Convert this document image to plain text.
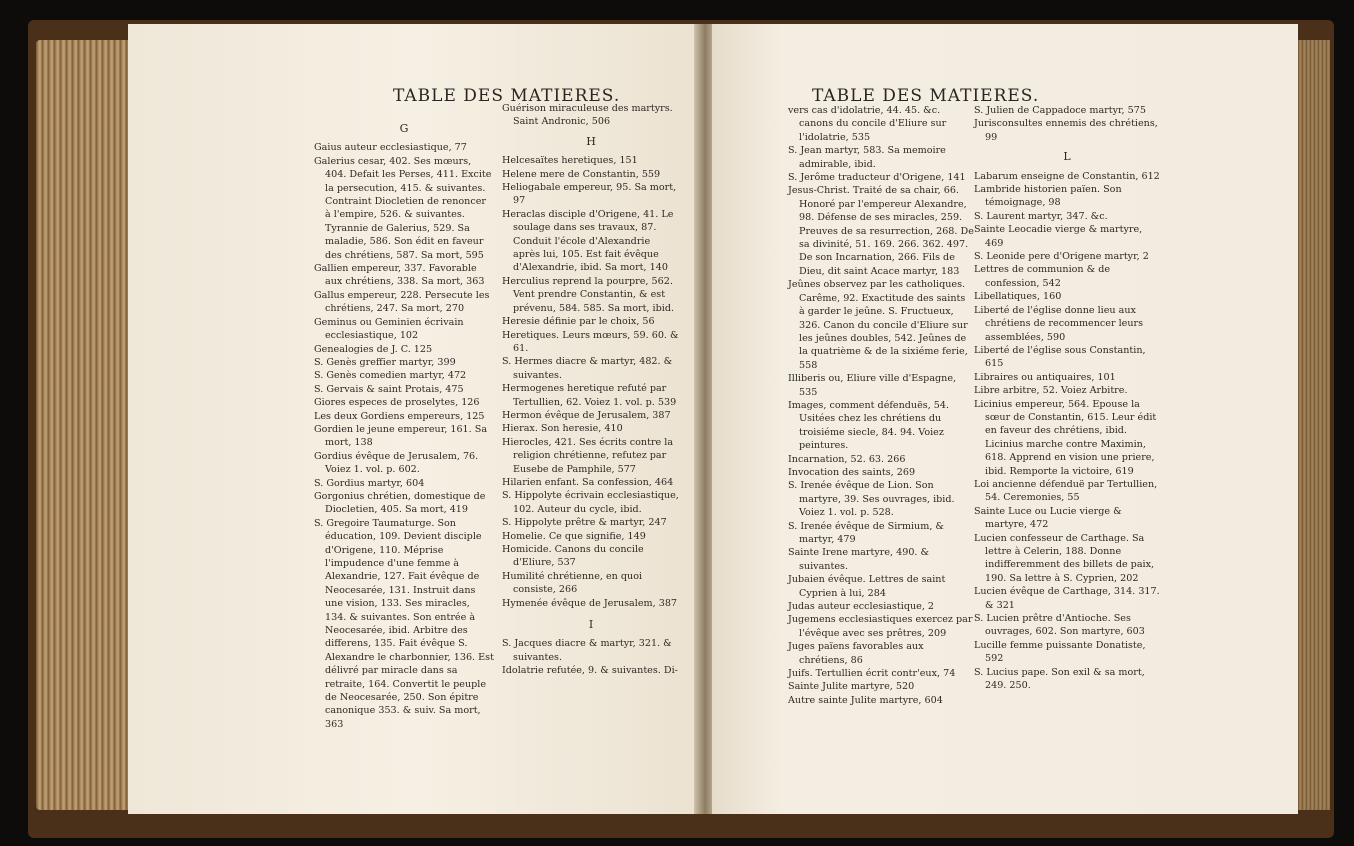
TABLE DES MATIERES.
G

Gaius auteur ecclesiastique, 77

Galerius cesar, 402. Ses mœurs, 404. Defait les Perses, 411. Excite la persecution, 415. & suivantes. Contraint Diocletien de renoncer à l'empire, 526. & suivantes. Tyrannie de Galerius, 529. Sa maladie, 586. Son édit en faveur des chrétiens, 587. Sa mort, 595

Gallien empereur, 337. Favorable aux chrétiens, 338. Sa mort, 363

Gallus empereur, 228. Persecute les chrétiens, 247. Sa mort, 270

Geminus ou Geminien écrivain ecclesiastique, 102

Genealogies de J. C. 125

S. Genès greffier martyr, 399

S. Genès comedien martyr, 472

S. Gervais & saint Protais, 475

Giores especes de proselytes, 126

Les deux Gordiens empereurs, 125

Gordien le jeune empereur, 161. Sa mort, 138

Gordius évêque de Jerusalem, 76. Voiez 1. vol. p. 602.

S. Gordius martyr, 604

Gorgonius chrétien, domestique de Diocletien, 405. Sa mort, 419

S. Gregoire Taumaturge. Son éducation, 109. Devient disciple d'Origene, 110. Méprise l'impudence d'une femme à Alexandrie, 127. Fait évêque de Neocesarée, 131. Instruit dans une vision, 133. Ses miracles, 134. & suivantes. Son entrée à Neocesarée, ibid. Arbitre des differens, 135. Fait évêque S. Alexandre le charbonnier, 136. Est délivré par miracle dans sa retraite, 164. Convertit le peuple de Neocesarée, 250. Son épitre canonique 353. & suiv. Sa mort, 363

Guérison miraculeuse des martyrs. Saint Andronic, 506

H

Helcesaïtes heretiques, 151

Helene mere de Constantin, 559

Heliogabale empereur, 95. Sa mort, 97

Heraclas disciple d'Origene, 41. Le soulage dans ses travaux, 87. Conduit l'école d'Alexandrie après lui, 105. Est fait évêque d'Alexandrie, ibid. Sa mort, 140

Herculius reprend la pourpre, 562. Vent prendre Constantin, & est prévenu, 584. 585. Sa mort, ibid.

Heresie définie par le choix, 56

Heretiques. Leurs mœurs, 59. 60. & 61.

S. Hermes diacre & martyr, 482. & suivantes.

Hermogenes heretique refuté par Tertullien, 62. Voiez 1. vol. p. 539

Hermon évêque de Jerusalem, 387

Hierax. Son heresie, 410

Hierocles, 421. Ses écrits contre la religion chrétienne, refutez par Eusebe de Pamphile, 577

Hilarien enfant. Sa confession, 464

S. Hippolyte écrivain ecclesiastique, 102. Auteur du cycle, ibid.

S. Hippolyte prêtre & martyr, 247

Homelie. Ce que signifie, 149

Homicide. Canons du concile d'Eliure, 537

Humilité chrétienne, en quoi consiste, 266

Hymenée évêque de Jerusalem, 387

I

S. Jacques diacre & martyr, 321. & suivantes.

Idolatrie refutée, 9. & suivantes. Di-

TABLE DES MATIERES.

vers cas d'idolatrie, 44. 45. &c. canons du concile d'Eliure sur l'idolatrie, 535

S. Jean martyr, 583. Sa memoire admirable, ibid.

S. Jerôme traducteur d'Origene, 141

Jesus-Christ. Traité de sa chair, 66. Honoré par l'empereur Alexandre, 98. Défense de ses miracles, 259. Preuves de sa resurrection, 268. De sa divinité, 51. 169. 266. 362. 497. De son Incarnation, 266. Fils de Dieu, dit saint Acace martyr, 183

Jeûnes observez par les catholiques. Carême, 92. Exactitude des saints à garder le jeûne. S. Fructueux, 326. Canon du concile d'Eliure sur les jeûnes doubles, 542. Jeûnes de la quatrième & de la sixiéme ferie, 558

Illiberis ou, Eliure ville d'Espagne, 535

Images, comment défenduës, 54. Usitées chez les chrétiens du troisiéme siecle, 84. 94. Voiez peintures.

Incarnation, 52. 63. 266

Invocation des saints, 269

S. Irenée évêque de Lion. Son martyre, 39. Ses ouvrages, ibid. Voiez 1. vol. p. 528.

S. Irenée évêque de Sirmium, & martyr, 479

Sainte Irene martyre, 490. & suivantes.

Jubaien évêque. Lettres de saint Cyprien à lui, 284

Judas auteur ecclesiastique, 2

Jugemens ecclesiastiques exercez par l'évêque avec ses prêtres, 209

Juges païens favorables aux chrétiens, 86

Juifs. Tertullien écrit contr'eux, 74

Sainte Julite martyre, 520

Autre sainte Julite martyre, 604

S. Julien de Cappadoce martyr, 575

Jurisconsultes ennemis des chrétiens, 99

L

Labarum enseigne de Constantin, 612

Lambride historien païen. Son témoignage, 98

S. Laurent martyr, 347. &c.

Sainte Leocadie vierge & martyre, 469

S. Leonide pere d'Origene martyr, 2

Lettres de communion & de confession, 542

Libellatiques, 160

Liberté de l'église donne lieu aux chrétiens de recommencer leurs assemblées, 590

Liberté de l'église sous Constantin, 615

Libraires ou antiquaires, 101

Libre arbitre, 52. Voiez Arbitre.

Licinius empereur, 564. Epouse la sœur de Constantin, 615. Leur édit en faveur des chrétiens, ibid. Licinius marche contre Maximin, 618. Apprend en vision une priere, ibid. Remporte la victoire, 619

Loi ancienne défenduë par Tertullien, 54. Ceremonies, 55

Sainte Luce ou Lucie vierge & martyre, 472

Lucien confesseur de Carthage. Sa lettre à Celerin, 188. Donne indifferemment des billets de paix, 190. Sa lettre à S. Cyprien, 202

Lucien évêque de Carthage, 314. 317. & 321

S. Lucien prêtre d'Antioche. Ses ouvrages, 602. Son martyre, 603

Lucille femme puissante Donatiste, 592

S. Lucius pape. Son exil & sa mort, 249. 250.
